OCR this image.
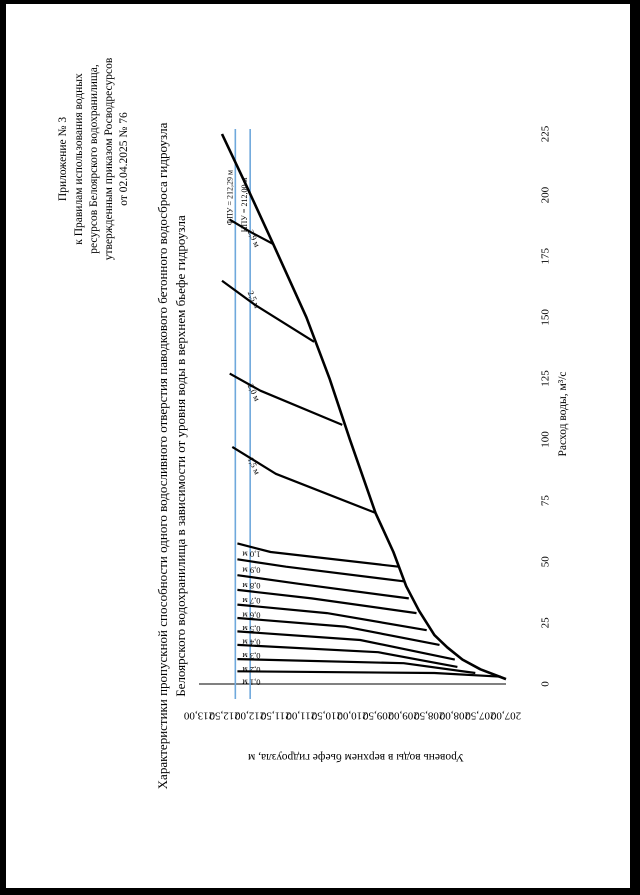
Приложение № 3 к Правилам использования водных ресурсов Белоярского водохранилища, утвержденным приказом Росводресурсов от 02.04.2025 № 76 Характеристики пропускной способности одного водосливного отверстия паводкового бетонного водосброса гидроузла Белоярского водохранилища в зависимости от уровня воды в верхнем бьефе гидроузла
Уровень воды в верхнем бьефе гидроузла, м
Расход воды, м³/с
207,00
207,50
208,00
208,50
209,00
209,50
210,00
210,50
211,00
211,50
212,00
212,50
213,00
0
25
50
75
100
125
150
175
200
225
ФПУ = 212,29 м НПУ = 212,00 м
0,1 м
0,2 м
0,3 м
0,4 м
0,5 м
0,6 м
0,7 м
0,8 м
0,9 м
1,0 м
1,5 м
2,0 м
2,5 м
2,9 м
